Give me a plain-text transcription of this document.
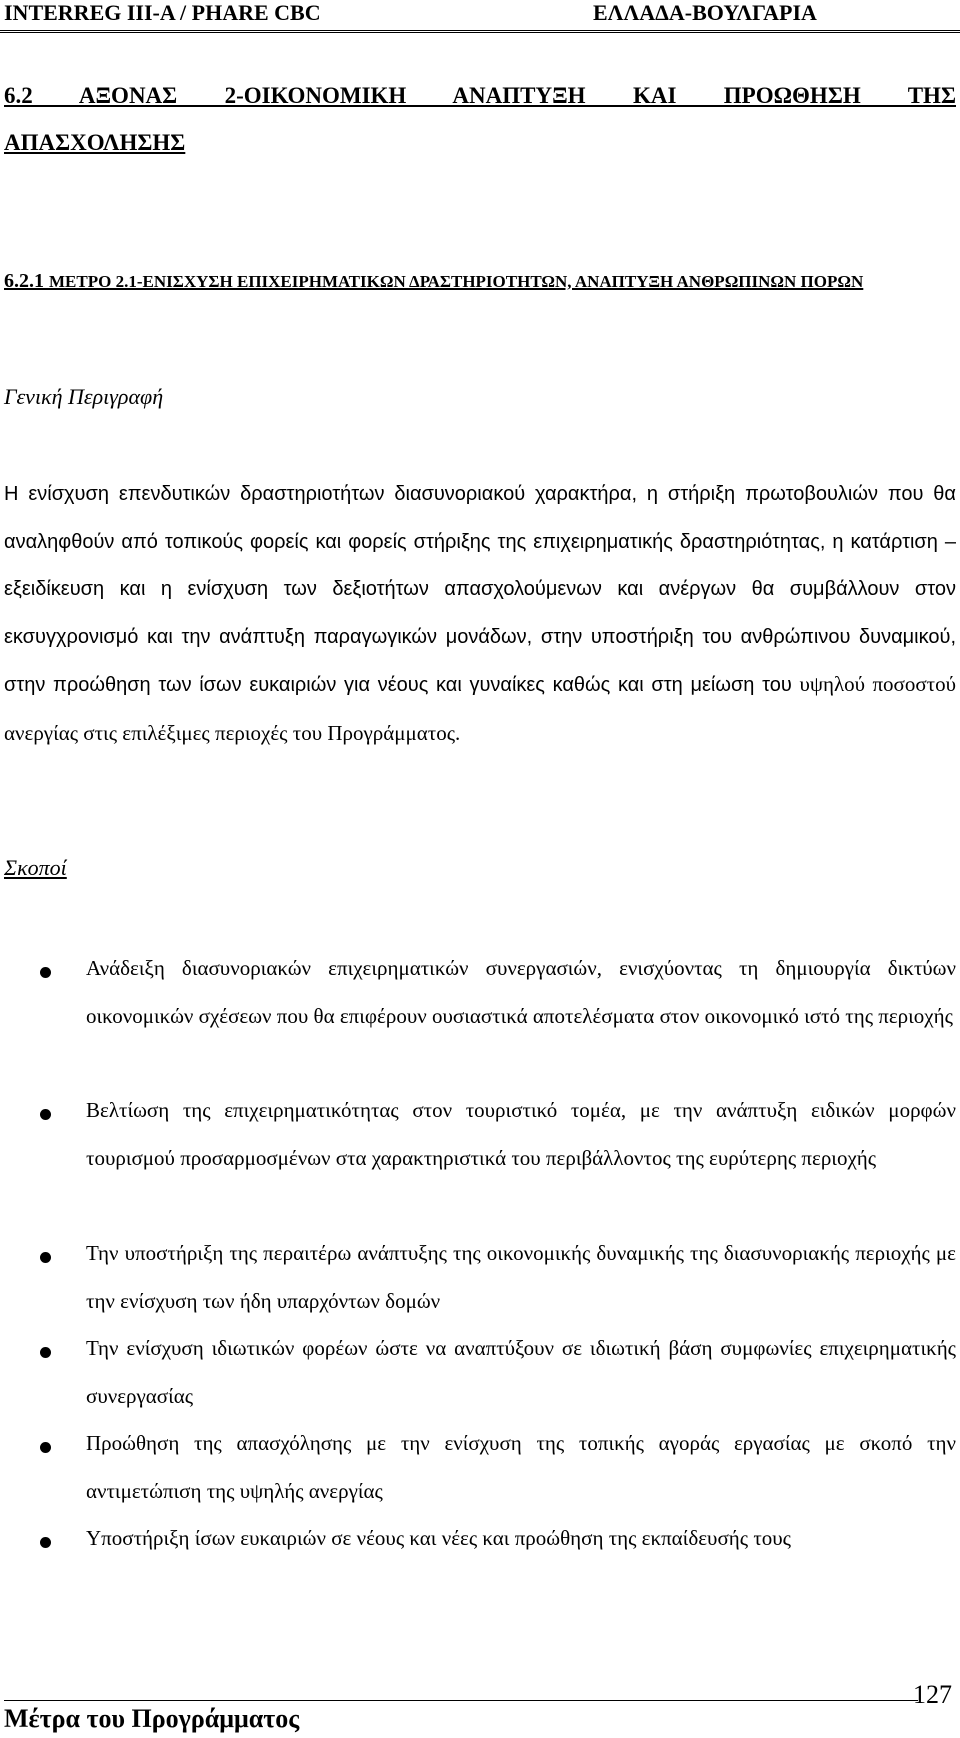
INTERREG III-A / PHARE CBC	ΕΛΛΑΔΑ-ΒΟΥΛΓΑΡΙΑ
6.2 ΑΞΟΝΑΣ 2-ΟΙΚΟΝΟΜΙΚΗ ΑΝΑΠΤΥΞΗ ΚΑΙ ΠΡΟΩΘΗΣΗ ΤΗΣ
ΑΠΑΣΧΟΛΗΣΗΣ
6.2.1 ΜΕΤΡΟ 2.1-ΕΝΙΣΧΥΣΗ ΕΠΙΧΕΙΡΗΜΑΤΙΚΩΝ ΔΡΑΣΤΗΡΙΟΤΗΤΩΝ, ΑΝΑΠΤΥΞΗ ΑΝΘΡΩΠΙΝΩΝ ΠΟΡΩΝ
Γενική Περιγραφή
Η ενίσχυση επενδυτικών δραστηριοτήτων διασυνοριακού χαρακτήρα, η στήριξη πρωτοβουλιών που θα αναληφθούν από τοπικούς φορείς και φορείς στήριξης της επιχειρηματικής δραστηριότητας, η κατάρτιση – εξειδίκευση και η ενίσχυση των δεξιοτήτων απασχολούμενων και ανέργων θα συμβάλλουν στον εκσυγχρονισμό και την ανάπτυξη παραγωγικών μονάδων, στην υποστήριξη του ανθρώπινου δυναμικού, στην προώθηση των ίσων ευκαιριών για νέους και γυναίκες καθώς και στη μείωση του υψηλού ποσοστού ανεργίας στις επιλέξιμες περιοχές του Προγράμματος.
Σκοποί
Ανάδειξη διασυνοριακών επιχειρηματικών συνεργασιών, ενισχύοντας τη δημιουργία δικτύων οικονομικών σχέσεων που θα επιφέρουν ουσιαστικά αποτελέσματα στον οικονομικό ιστό της περιοχής
Βελτίωση της επιχειρηματικότητας στον τουριστικό τομέα, με την ανάπτυξη ειδικών μορφών τουρισμού προσαρμοσμένων στα χαρακτηριστικά του περιβάλλοντος της ευρύτερης περιοχής
Την υποστήριξη της περαιτέρω ανάπτυξης της οικονομικής δυναμικής της διασυνοριακής περιοχής με την ενίσχυση των ήδη υπαρχόντων δομών
Την ενίσχυση ιδιωτικών φορέων ώστε να αναπτύξουν σε ιδιωτική βάση συμφωνίες επιχειρηματικής συνεργασίας
Προώθηση της απασχόλησης με την ενίσχυση της τοπικής αγοράς εργασίας με σκοπό την αντιμετώπιση της υψηλής ανεργίας
Υποστήριξη ίσων ευκαιριών σε νέους και νέες και προώθηση της εκπαίδευσής τους
Μέτρα του Προγράμματος
127
